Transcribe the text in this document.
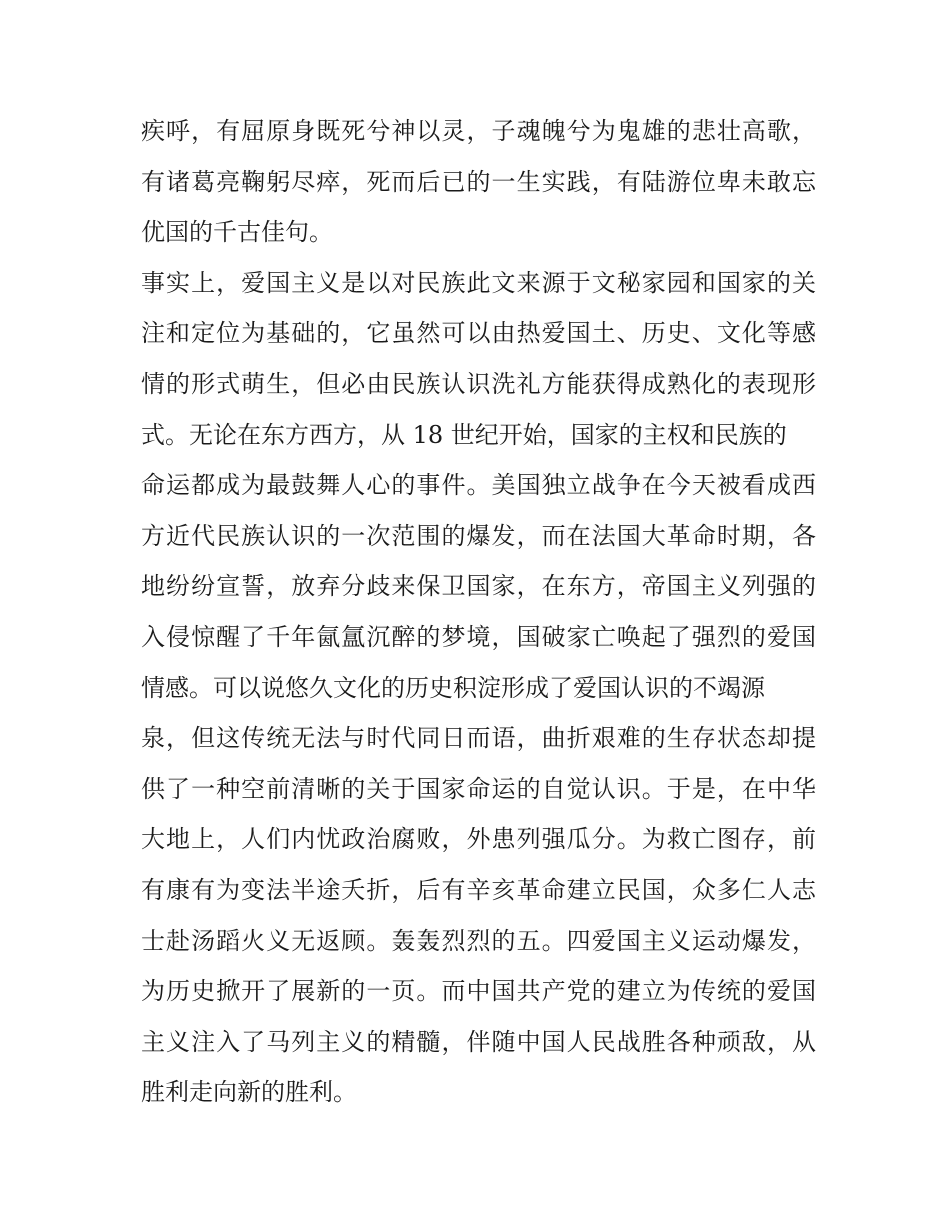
疾呼，有屈原身既死兮神以灵，子魂魄兮为鬼雄的悲壮高歌，
有诸葛亮鞠躬尽瘁，死而后已的一生实践，有陆游位卑未敢忘
优国的千古佳句。
事实上，爱国主义是以对民族此文来源于文秘家园和国家的关
注和定位为基础的，它虽然可以由热爱国土、历史、文化等感
情的形式萌生，但必由民族认识洗礼方能获得成熟化的表现形
式。无论在东方西方，从 18 世纪开始，国家的主权和民族的
命运都成为最鼓舞人心的事件。美国独立战争在今天被看成西
方近代民族认识的一次范围的爆发，而在法国大革命时期，各
地纷纷宣誓，放弃分歧来保卫国家，在东方，帝国主义列强的
入侵惊醒了千年氤氲沉醉的梦境，国破家亡唤起了强烈的爱国
情感。可以说悠久文化的历史积淀形成了爱国认识的不竭源
泉，但这传统无法与时代同日而语，曲折艰难的生存状态却提
供了一种空前清晰的关于国家命运的自觉认识。于是，在中华
大地上，人们内忧政治腐败，外患列强瓜分。为救亡图存，前
有康有为变法半途夭折，后有辛亥革命建立民国，众多仁人志
士赴汤蹈火义无返顾。轰轰烈烈的五。四爱国主义运动爆发，
为历史掀开了展新的一页。而中国共产党的建立为传统的爱国
主义注入了马列主义的精髓，伴随中国人民战胜各种顽敌，从
胜利走向新的胜利。
